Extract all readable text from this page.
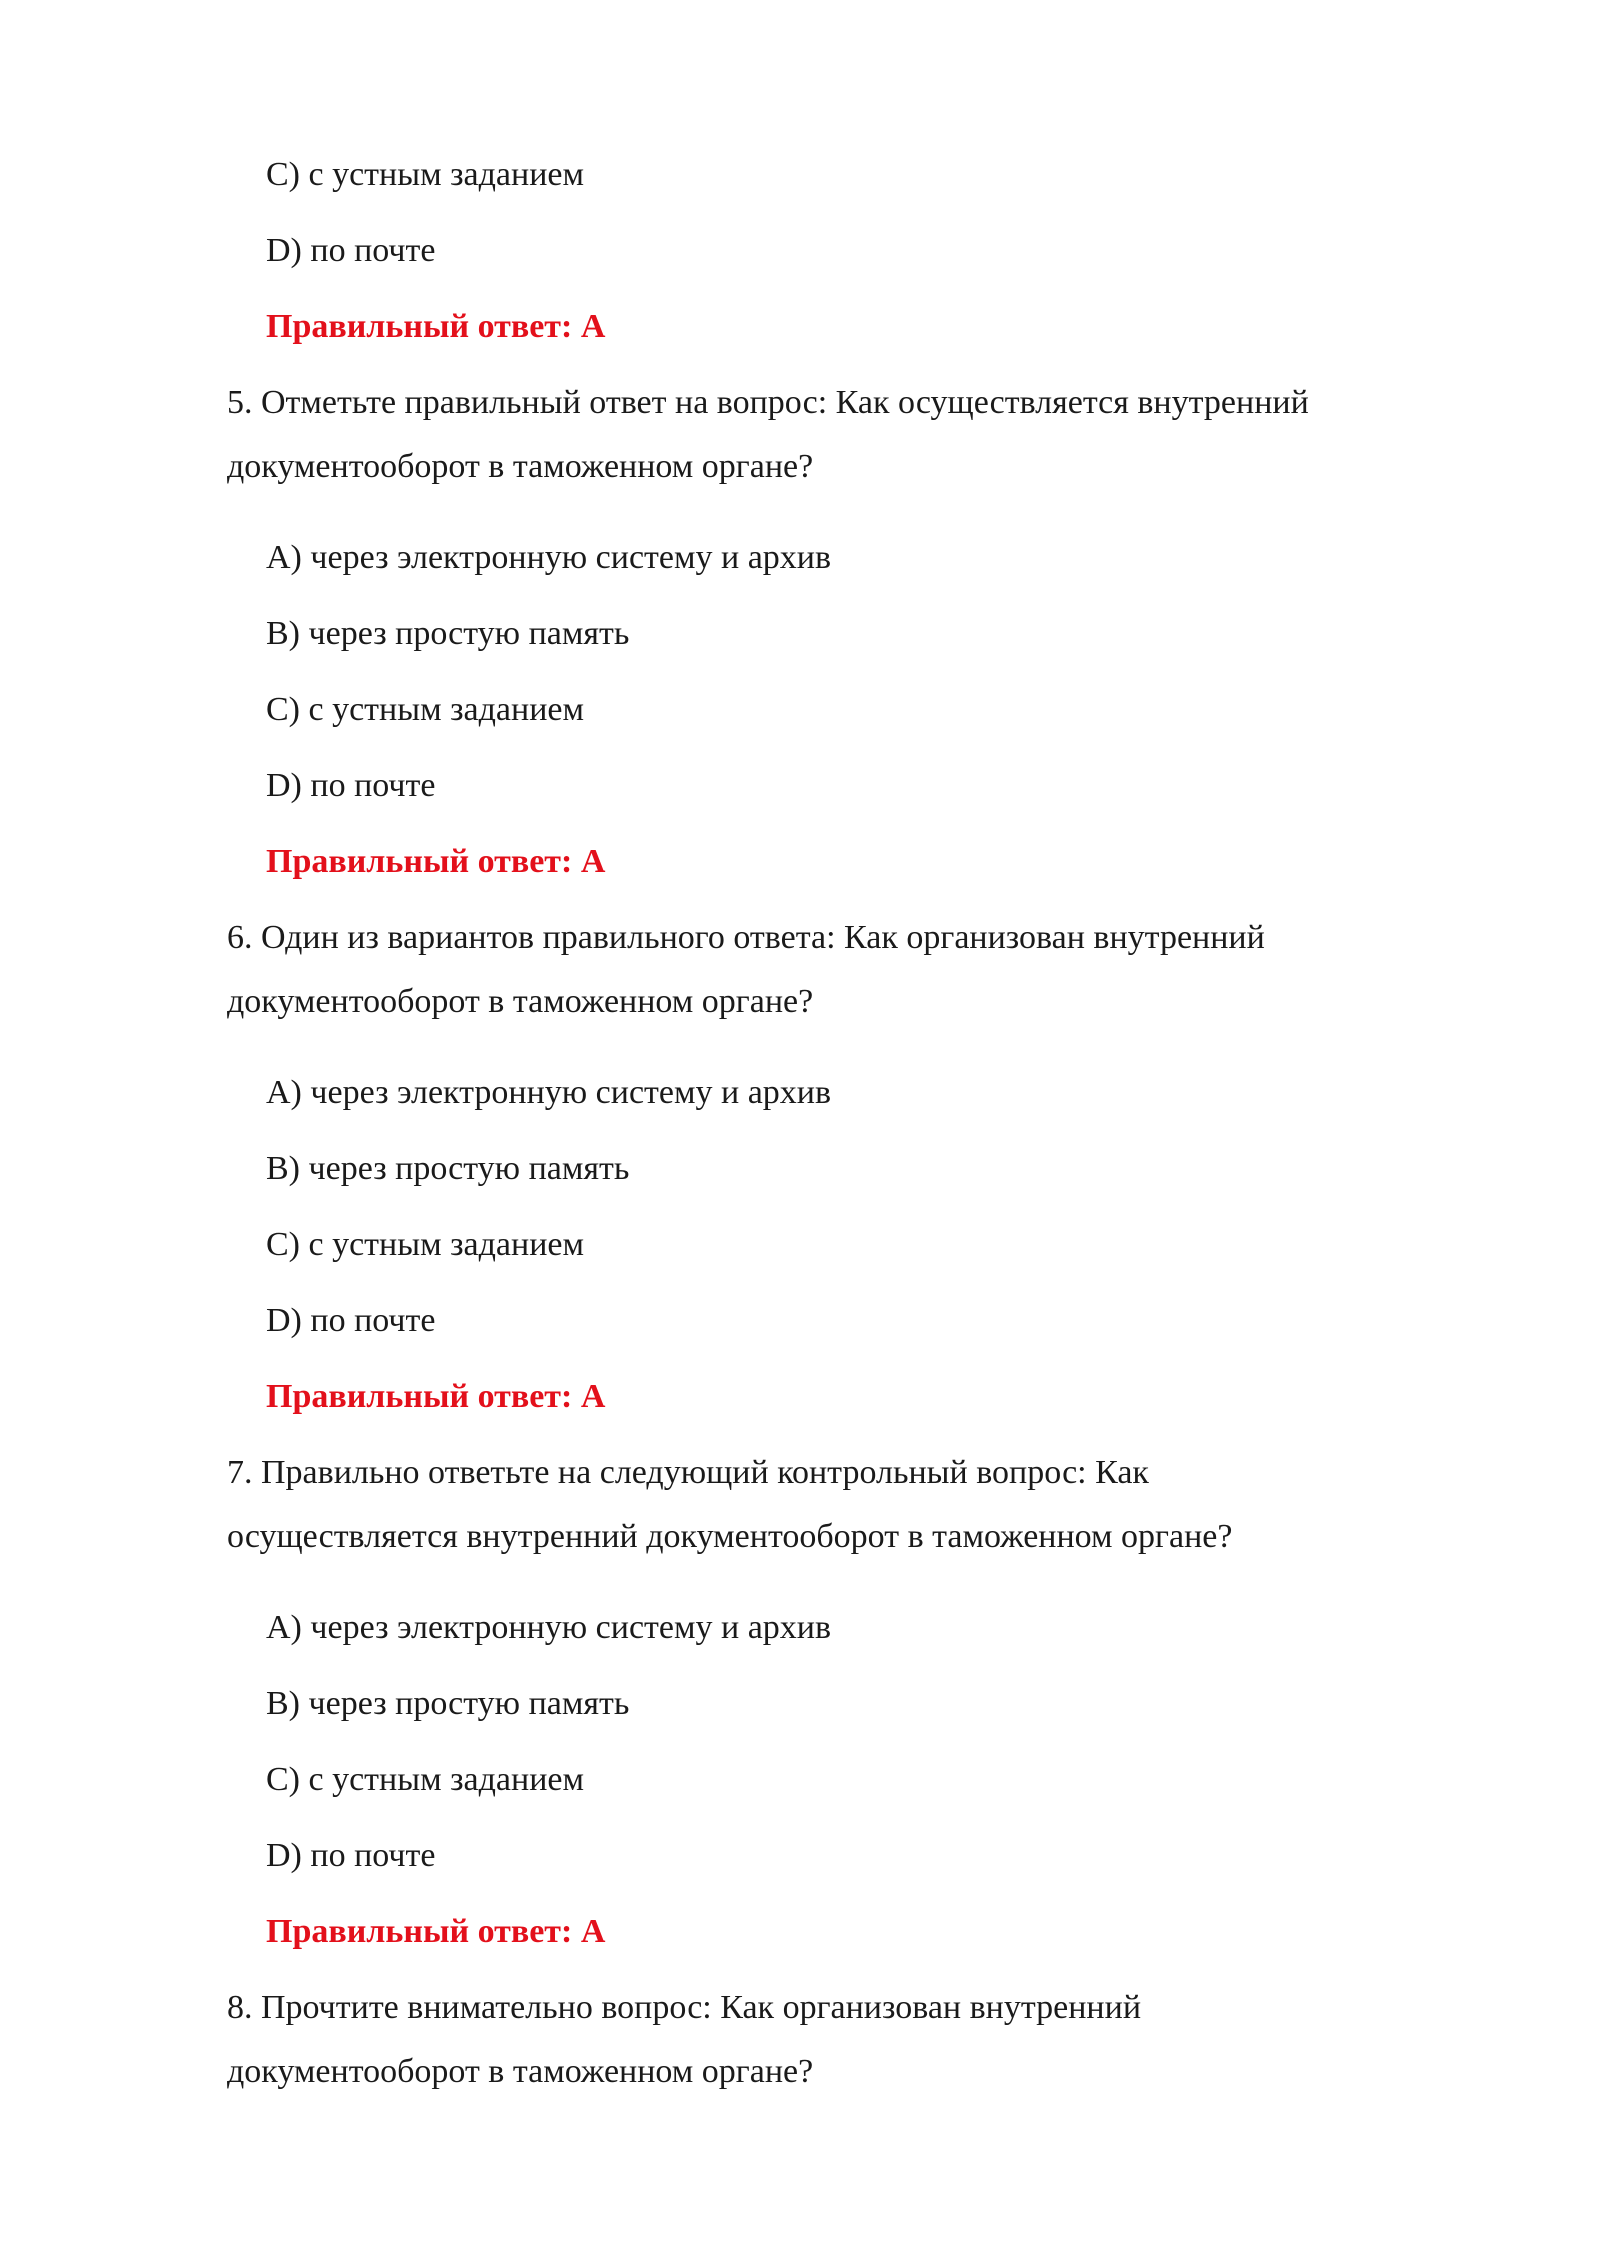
C) с устным заданием
D) по почте
Правильный ответ: A
5. Отметьте правильный ответ на вопрос: Как осуществляется внутренний
документооборот в таможенном органе?
A) через электронную систему и архив
B) через простую память
C) с устным заданием
D) по почте
Правильный ответ: A
6. Один из вариантов правильного ответа: Как организован внутренний
документооборот в таможенном органе?
A) через электронную систему и архив
B) через простую память
C) с устным заданием
D) по почте
Правильный ответ: A
7. Правильно ответьте на следующий контрольный вопрос: Как
осуществляется внутренний документооборот в таможенном органе?
A) через электронную систему и архив
B) через простую память
C) с устным заданием
D) по почте
Правильный ответ: A
8. Прочтите внимательно вопрос: Как организован внутренний
документооборот в таможенном органе?
